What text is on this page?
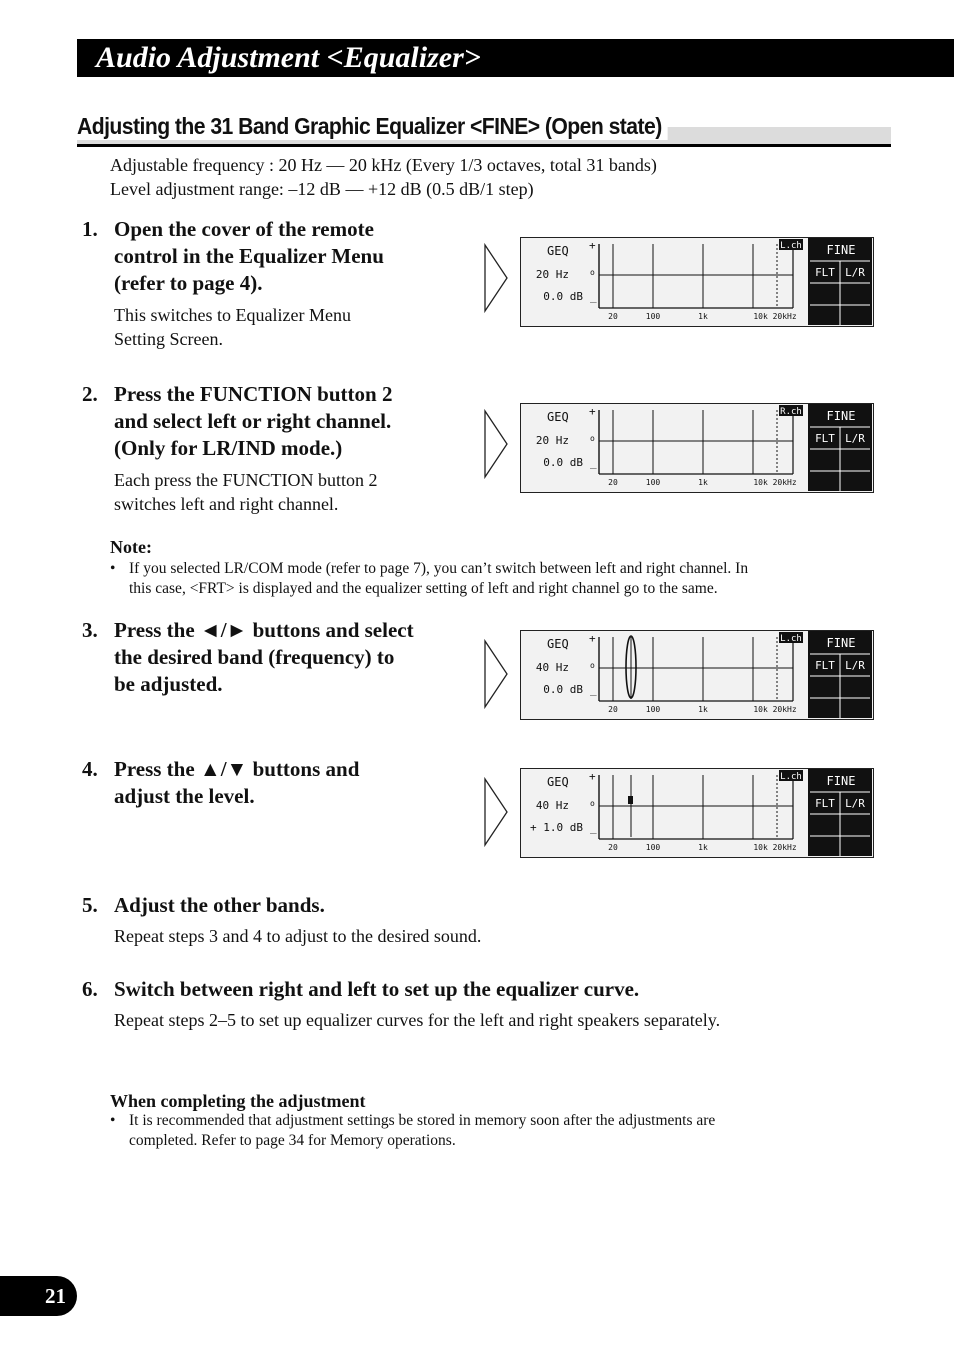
Audio Adjustment <Equalizer>
Adjusting the 31 Band Graphic Equalizer <FINE> (Open state)
Adjustable frequency : 20 Hz — 20 kHz (Every 1/3 octaves, total 31 bands)
Level adjustment range: –12 dB — +12 dB (0.5 dB/1 step)
1. Open the cover of the remote
control in the Equalizer Menu
(refer to page 4).
This switches to Equalizer Menu
Setting Screen.
2. Press the FUNCTION button 2
and select left or right channel.
(Only for LR/IND mode.)
Each press the FUNCTION button 2
switches left and right channel.
Note:
• If you selected LR/COM mode (refer to page 7), you can’t switch between left and right channel. In
this case, <FRT> is displayed and the equalizer setting of left and right channel go to the same.
3. Press the ◄/► buttons and select
the desired band (frequency) to
be adjusted.
4. Press the ▲/▼ buttons and
adjust the level.
5. Adjust the other bands.
Repeat steps 3 and 4 to adjust to the desired sound.
6. Switch between right and left to set up the equalizer curve.
Repeat steps 2–5 to set up equalizer curves for the left and right speakers separately.
When completing the adjustment
• It is recommended that adjustment settings be stored in memory soon after the adjustments are
completed. Refer to page 34 for Memory operations.
GEQ
20 Hz
0.0 dB
+
o
_
20	100	1k	10k 20kHz
L.ch FINE
FLT L/R
GEQ
20 Hz
0.0 dB
+
o
_
20	100	1k	10k 20kHz
R.ch FINE
FLT L/R
GEQ
40 Hz
0.0 dB
+
o
_
20	100	1k	10k 20kHz
L.ch FINE
FLT L/R
GEQ
40 Hz
+ 1.0 dB
+
o
_
20	100	1k	10k 20kHz
L.ch FINE
FLT L/R
21
